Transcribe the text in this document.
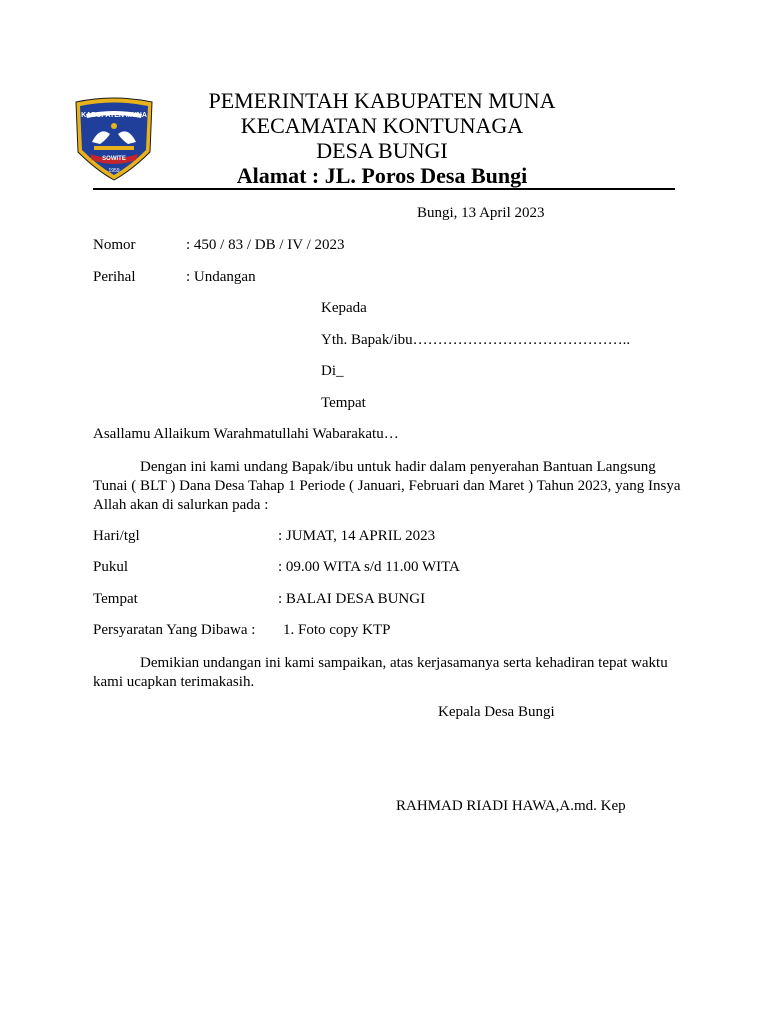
KABUPATEN MUNA
SOWITE
1959
PEMERINTAH KABUPATEN MUNA
KECAMATAN KONTUNAGA
DESA BUNGI
Alamat : JL. Poros Desa Bungi
Bungi, 13 April 2023
Nomor	: 450 / 83 / DB / IV / 2023
Perihal	: Undangan
Kepada
Yth. Bapak/ibu……………………………………..
Di_
Tempat
Asallamu Allaikum Warahmatullahi Wabarakatu…
Dengan ini kami undang Bapak/ibu untuk hadir dalam penyerahan Bantuan Langsung Tunai ( BLT ) Dana Desa Tahap 1 Periode ( Januari, Februari dan Maret ) Tahun 2023, yang Insya Allah akan di salurkan pada :
Hari/tgl	: JUMAT, 14 APRIL 2023
Pukul	: 09.00 WITA s/d 11.00 WITA
Tempat	: BALAI DESA BUNGI
Persyaratan Yang Dibawa : 1. Foto copy KTP
Demikian undangan ini kami sampaikan, atas kerjasamanya serta kehadiran tepat waktu kami ucapkan terimakasih.
Kepala Desa Bungi
RAHMAD RIADI HAWA,A.md. Kep
